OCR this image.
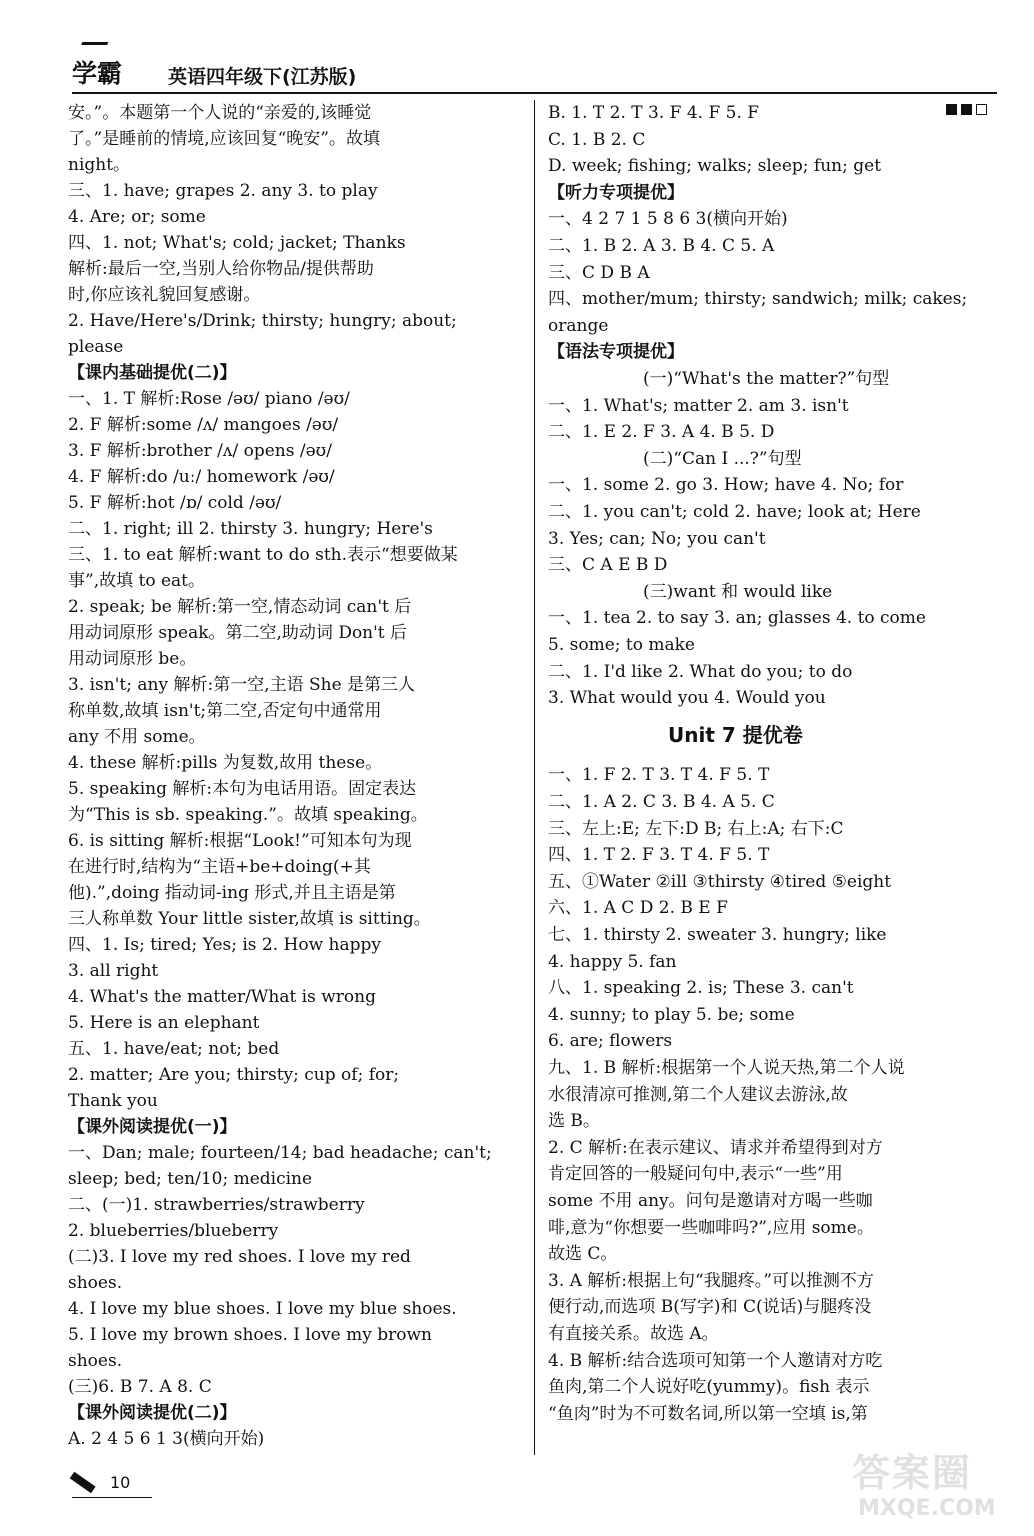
学霸 英语四年级下(江苏版)
安。”。本题第一个人说的“亲爱的,该睡觉
了。”是睡前的情境,应该回复“晚安”。故填
night。
三、1. have; grapes 2. any 3. to play
4. Are; or; some
四、1. not; What's; cold; jacket; Thanks
解析:最后一空,当别人给你物品/提供帮助
时,你应该礼貌回复感谢。
2. Have/Here's/Drink; thirsty; hungry; about;
please
【课内基础提优(二)】
一、1. T 解析:Rose /əʊ/ piano /əʊ/
2. F 解析:some /ʌ/ mangoes /əʊ/
3. F 解析:brother /ʌ/ opens /əʊ/
4. F 解析:do /uː/ homework /əʊ/
5. F 解析:hot /ɒ/ cold /əʊ/
二、1. right; ill 2. thirsty 3. hungry; Here's
三、1. to eat 解析:want to do sth.表示“想要做某
事”,故填 to eat。
2. speak; be 解析:第一空,情态动词 can't 后
用动词原形 speak。第二空,助动词 Don't 后
用动词原形 be。
3. isn't; any 解析:第一空,主语 She 是第三人
称单数,故填 isn't;第二空,否定句中通常用
any 不用 some。
4. these 解析:pills 为复数,故用 these。
5. speaking 解析:本句为电话用语。固定表达
为“This is sb. speaking.”。故填 speaking。
6. is sitting 解析:根据“Look!”可知本句为现
在进行时,结构为“主语+be+doing(+其
他).”,doing 指动词-ing 形式,并且主语是第
三人称单数 Your little sister,故填 is sitting。
四、1. Is; tired; Yes; is 2. How happy
3. all right
4. What's the matter/What is wrong
5. Here is an elephant
五、1. have/eat; not; bed
2. matter; Are you; thirsty; cup of; for;
Thank you
【课外阅读提优(一)】
一、Dan; male; fourteen/14; bad headache; can't;
sleep; bed; ten/10; medicine
二、(一)1. strawberries/strawberry
2. blueberries/blueberry
(二)3. I love my red shoes. I love my red
shoes.
4. I love my blue shoes. I love my blue shoes.
5. I love my brown shoes. I love my brown
shoes.
(三)6. B 7. A 8. C
【课外阅读提优(二)】
A. 2 4 5 6 1 3(横向开始)
B. 1. T 2. T 3. F 4. F 5. F
C. 1. B 2. C
D. week; fishing; walks; sleep; fun; get
【听力专项提优】
一、4 2 7 1 5 8 6 3(横向开始)
二、1. B 2. A 3. B 4. C 5. A
三、C D B A
四、mother/mum; thirsty; sandwich; milk; cakes;
orange
【语法专项提优】
(一)“What's the matter?”句型
一、1. What's; matter 2. am 3. isn't
二、1. E 2. F 3. A 4. B 5. D
(二)“Can I ...?”句型
一、1. some 2. go 3. How; have 4. No; for
二、1. you can't; cold 2. have; look at; Here
3. Yes; can; No; you can't
三、C A E B D
(三)want 和 would like
一、1. tea 2. to say 3. an; glasses 4. to come
5. some; to make
二、1. I'd like 2. What do you; to do
3. What would you 4. Would you
Unit 7 提优卷
一、1. F 2. T 3. T 4. F 5. T
二、1. A 2. C 3. B 4. A 5. C
三、左上:E; 左下:D B; 右上:A; 右下:C
四、1. T 2. F 3. T 4. F 5. T
五、①Water ②ill ③thirsty ④tired ⑤eight
六、1. A C D 2. B E F
七、1. thirsty 2. sweater 3. hungry; like
4. happy 5. fan
八、1. speaking 2. is; These 3. can't
4. sunny; to play 5. be; some
6. are; flowers
九、1. B 解析:根据第一个人说天热,第二个人说
水很清凉可推测,第二个人建议去游泳,故
选 B。
2. C 解析:在表示建议、请求并希望得到对方
肯定回答的一般疑问句中,表示“一些”用
some 不用 any。问句是邀请对方喝一些咖
啡,意为“你想要一些咖啡吗?”,应用 some。
故选 C。
3. A 解析:根据上句“我腿疼。”可以推测不方
便行动,而选项 B(写字)和 C(说话)与腿疼没
有直接关系。故选 A。
4. B 解析:结合选项可知第一个人邀请对方吃
鱼肉,第二个人说好吃(yummy)。fish 表示
“鱼肉”时为不可数名词,所以第一空填 is,第
10	答案圈
MXQE.COM
